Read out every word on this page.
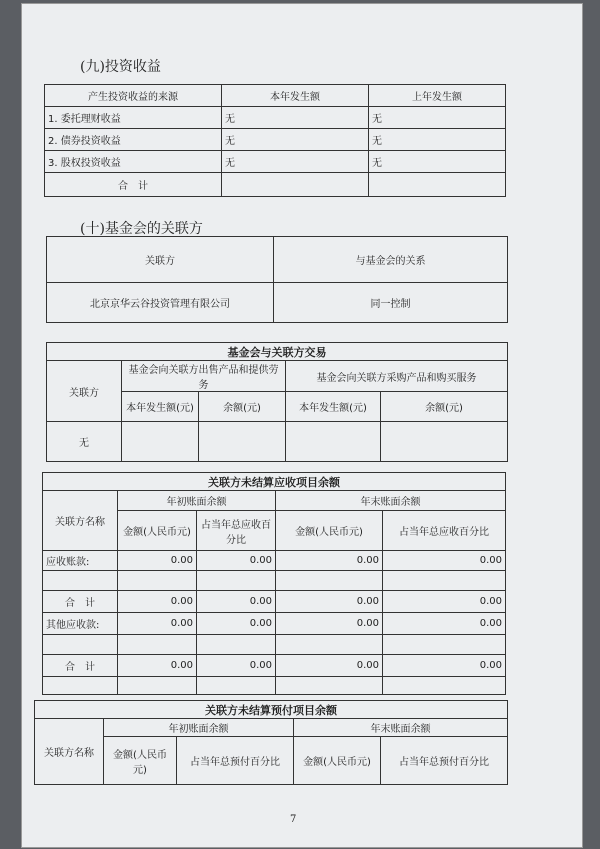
(九)投资收益
产生投资收益的来源	本年发生额	上年发生额
1. 委托理财收益	无	无
2. 债券投资收益	无	无
3. 股权投资收益	无	无
合　计		
(十)基金会的关联方
关联方	与基金会的关系
北京京华云谷投资管理有限公司	同一控制
基金会与关联方交易				
关联方	基金会向关联方出售产品和提供劳务		基金会向关联方采购产品和购买服务	
	本年发生额(元)	余额(元)	本年发生额(元)	余额(元)
无				
关联方未结算应收项目余额				
关联方名称	年初账面余额		年末账面余额	
	金额(人民币元)	占当年总应收百分比	金额(人民币元)	占当年总应收百分比
应收账款:	0.00	0.00	0.00	0.00

合　计	0.00	0.00	0.00	0.00
其他应收款:	0.00	0.00	0.00	0.00

合　计	0.00	0.00	0.00	0.00

关联方未结算预付项目余额				
关联方名称	年初账面余额		年末账面余额	
	金额(人民币元)	占当年总预付百分比	金额(人民币元)	占当年总预付百分比
7
